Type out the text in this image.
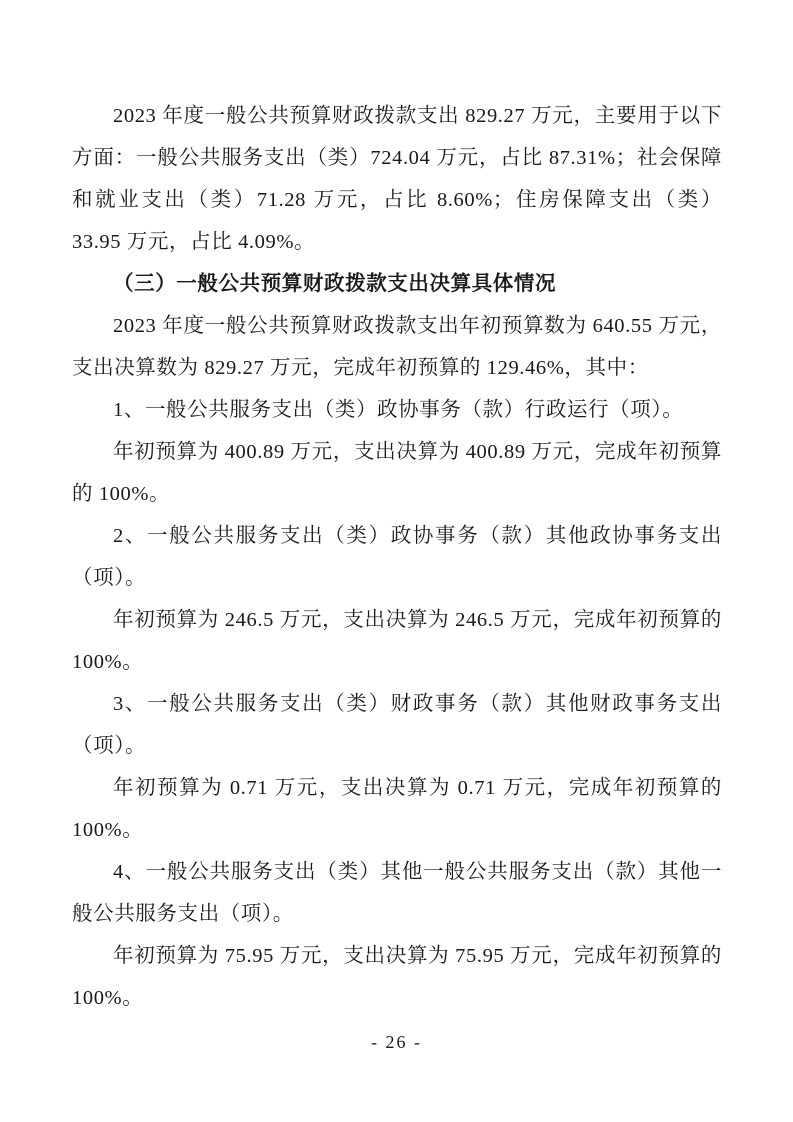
2023 年度一般公共预算财政拨款支出 829.27 万元，主要用于以下方面：一般公共服务支出（类）724.04 万元，占比 87.31%；社会保障和就业支出（类）71.28 万元，占比 8.60%；住房保障支出（类）33.95 万元，占比 4.09%。

（三）一般公共预算财政拨款支出决算具体情况

2023 年度一般公共预算财政拨款支出年初预算数为 640.55 万元，支出决算数为 829.27 万元，完成年初预算的 129.46%，其中：

1、一般公共服务支出（类）政协事务（款）行政运行（项）。

年初预算为 400.89 万元，支出决算为 400.89 万元，完成年初预算的 100%。

2、一般公共服务支出（类）政协事务（款）其他政协事务支出（项）。

年初预算为 246.5 万元，支出决算为 246.5 万元，完成年初预算的 100%。

3、一般公共服务支出（类）财政事务（款）其他财政事务支出（项）。

年初预算为 0.71 万元，支出决算为 0.71 万元，完成年初预算的 100%。

4、一般公共服务支出（类）其他一般公共服务支出（款）其他一般公共服务支出（项）。

年初预算为 75.95 万元，支出决算为 75.95 万元，完成年初预算的 100%。

- 26 -
